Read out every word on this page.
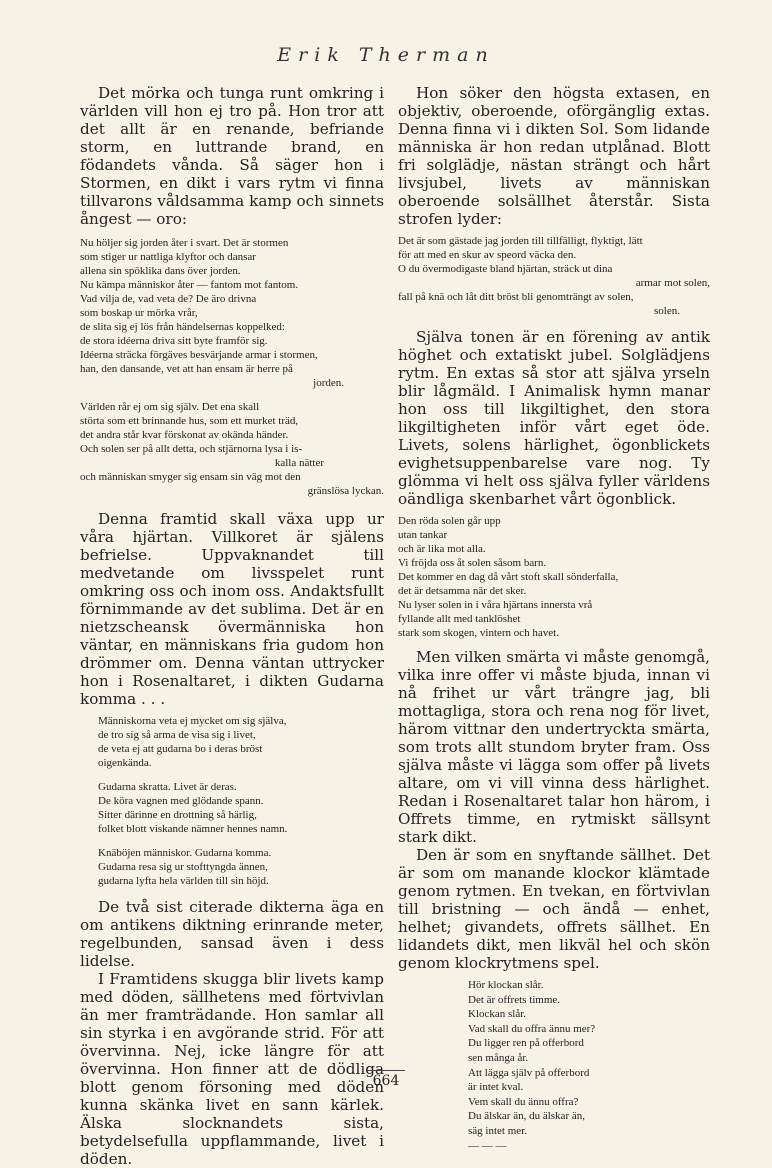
Erik Therman

Det mörka och tunga runt omkring i världen vill hon ej tro på. Hon tror att det allt är en renande, befriande storm, en luttrande brand, en födandets vånda. Så säger hon i Stormen, en dikt i vars rytm vi finna tillvarons våldsamma kamp och sinnets ångest — oro:

Nu höljer sig jorden åter i svart. Det är stormen
som stiger ur nattliga klyftor och dansar
allena sin spöklika dans över jorden.
Nu kämpa människor åter — fantom mot fantom.
Vad vilja de, vad veta de? De äro drivna
som boskap ur mörka vrår,
de slita sig ej lös från händelsernas koppelked:
de stora idéerna driva sitt byte framför sig.
Idéerna sträcka förgäves besvärjande armar i stormen,
han, den dansande, vet att han ensam är herre på
jorden.
Världen rår ej om sig själv. Det ena skall
störta som ett brinnande hus, som ett murket träd,
det andra står kvar förskonat av okända händer.
Och solen ser på allt detta, och stjärnorna lysa i is-
kalla nätter
och människan smyger sig ensam sin väg mot den
gränslösa lyckan.

Denna framtid skall växa upp ur våra hjärtan. Villkoret är själens befrielse. Uppvaknandet till medvetande om livsspelet runt omkring oss och inom oss. Andaktsfullt förnimmande av det sublima. Det är en nietzscheansk övermänniska hon väntar, en människans fria gudom hon drömmer om. Denna väntan uttrycker hon i Rosenaltaret, i dikten Gudarna komma . . .

Människorna veta ej mycket om sig själva,
de tro sig så arma de visa sig i livet,
de veta ej att gudarna bo i deras bröst
oigenkända.
Gudarna skratta. Livet är deras.
De köra vagnen med glödande spann.
Sitter därinne en drottning så härlig,
folket blott viskande nämner hennes namn.
Knäböjen människor. Gudarna komma.
Gudarna resa sig ur stofttyngda ännen,
gudarna lyfta hela världen till sin höjd.

De två sist citerade dikterna äga en om antikens diktning erinrande meter, regelbunden, sansad även i dess lidelse.

I Framtidens skugga blir livets kamp med döden, sällhetens med förtvivlan än mer framträdande. Hon samlar all sin styrka i en avgörande strid. För att övervinna. Nej, icke längre för att övervinna. Hon finner att de dödliga blott genom försoning med döden kunna skänka livet en sann kärlek. Älska slocknandets sista, betydelsefulla uppflammande, livet i döden.

Hon söker den högsta extasen, en objektiv, oberoende, oförgänglig extas. Denna finna vi i dikten Sol. Som lidande människa är hon redan utplånad. Blott fri solglädje, nästan strängt och hårt livsjubel, livets av människan oberoende solsällhet återstår. Sista strofen lyder:

Det är som gästade jag jorden till tillfälligt, flyktigt, lätt
för att med en skur av speord väcka den.
O du övermodigaste bland hjärtan, sträck ut dina
armar mot solen,
fall på knä och låt ditt bröst bli genomträngt av solen,
solen.

Själva tonen är en förening av antik höghet och extatiskt jubel. Solglädjens rytm. En extas så stor att själva yrseln blir lågmäld. I Animalisk hymn manar hon oss till likgiltighet, den stora likgiltigheten inför vårt eget öde. Livets, solens härlighet, ögonblickets evighetsuppenbarelse vare nog. Ty glömma vi helt oss själva fyller världens oändliga skenbarhet vårt ögonblick.

Den röda solen går upp
utan tankar
och är lika mot alla.
Vi fröjda oss åt solen såsom barn.
Det kommer en dag då vårt stoft skall sönderfalla,
det är detsamma när det sker.
Nu lyser solen in i våra hjärtans innersta vrå
fyllande allt med tanklöshet
stark som skogen, vintern och havet.

Men vilken smärta vi måste genomgå, vilka inre offer vi måste bjuda, innan vi nå frihet ur vårt trängre jag, bli mottagliga, stora och rena nog för livet, härom vittnar den undertryckta smärta, som trots allt stundom bryter fram. Oss själva måste vi lägga som offer på livets altare, om vi vill vinna dess härlighet. Redan i Rosenaltaret talar hon härom, i Offrets timme, en rytmiskt sällsynt stark dikt.

Den är som en snyftande sällhet. Det är som om manande klockor klämtade genom rytmen. En tvekan, en förtvivlan till bristning — och ändå — enhet, helhet; givandets, offrets sällhet. En lidandets dikt, men likväl hel och skön genom klockrytmens spel.

Hör klockan slår.
Det är offrets timme.
Klockan slår.
Vad skall du offra ännu mer?
Du ligger ren på offerbord
sen många år.
Att lägga själv på offerbord
är intet kval.
Vem skall du ännu offra?
Du älskar än, du älskar än,
säg intet mer.
— — —
664
